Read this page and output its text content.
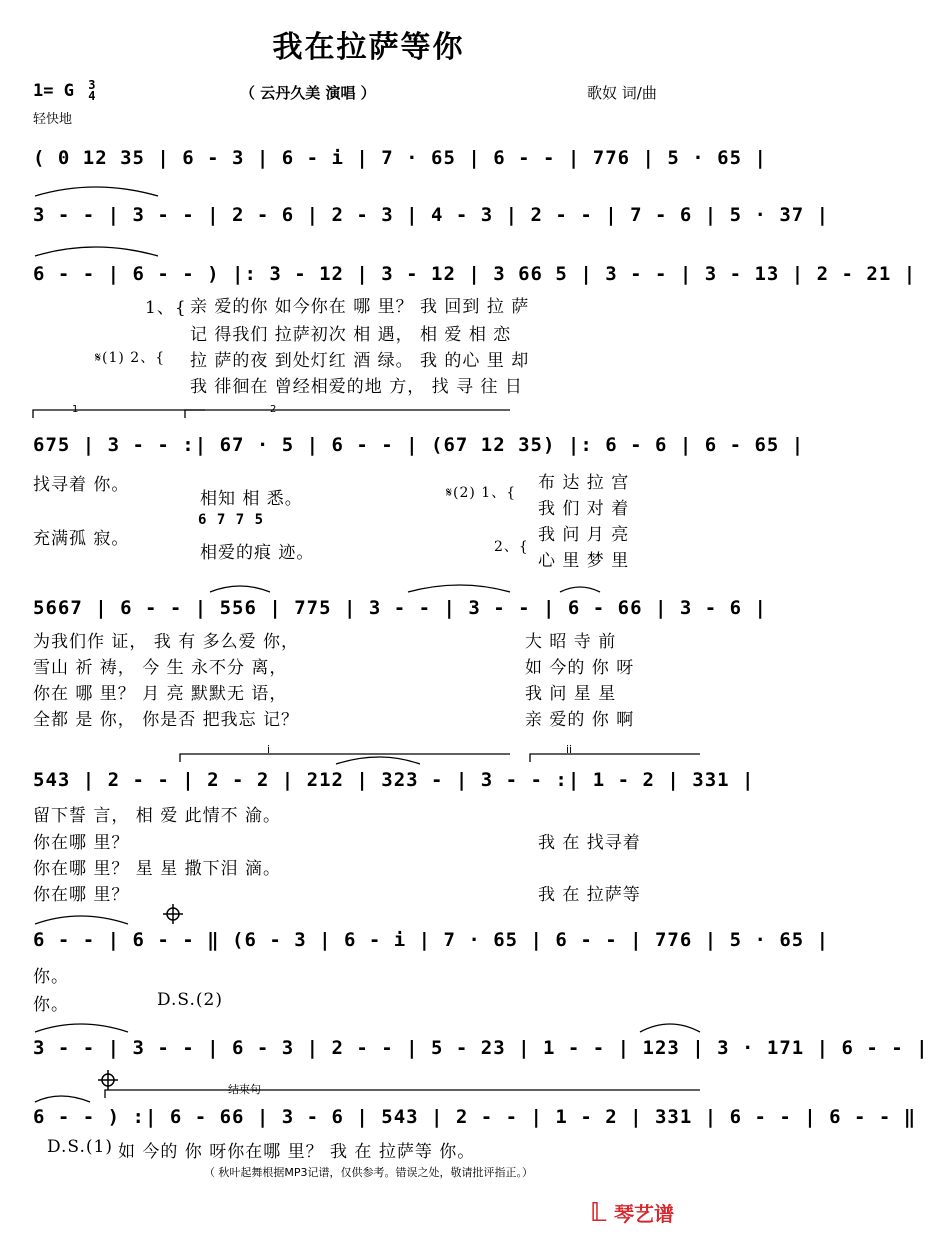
我在拉萨等你
1= G 3
4	（ 云丹久美 演唱 ）	歌奴 词/曲
轻快地
( 0 12 35 | 6 - 3 | 6 - i | 7 · 65 | 6 - - | 776 | 5 · 65 |
3 - - | 3 - - | 2 - 6 | 2 - 3 | 4 - 3 | 2 - - | 7 - 6 | 5 · 37 |
6 - - | 6 - - ) |: 3 - 12 | 3 - 12 | 3 66 5 | 3 - - | 3 - 13 | 2 - 21 |
675 | 3 - - :| 67 · 5 | 6 - - | (67 12 35) |: 6 - 6 | 6 - 65 |
5667 | 6 - - | 556 | 775 | 3 - - | 3 - - | 6 - 66 | 3 - 6 |
543 | 2 - - | 2 - 2 | 212 | 323 - | 3 - - :| 1 - 2 | 331 |
6 - - | 6 - - ‖ (6 - 3 | 6 - i | 7 · 65 | 6 - - | 776 | 5 · 65 |
3 - - | 3 - - | 6 - 3 | 2 - - | 5 - 23 | 1 - - | 123 | 3 · 171 | 6 - - |
6 - - ) :| 6 - 66 | 3 - 6 | 543 | 2 - - | 1 - 2 | 331 | 6 - - | 6 - - ‖
1、{
𝄋(1) 2、{
亲 爱的你 如今你在 哪 里？ 我 回到 拉 萨
记 得我们 拉萨初次 相 遇， 相 爱 相 恋
拉 萨的夜 到处灯红 酒 绿。 我 的心 里 却
我 徘徊在 曾经相爱的地 方， 找 寻 往 日
1	2
找寻着 你。
相知 相 悉。
充满孤 寂。
6 7 7 5
相爱的痕 迹。
𝄋(2) 1、{
2、{
布 达 拉 宫
我 们 对 着
我 问 月 亮
心 里 梦 里
为我们作 证， 我 有 多么爱 你，
雪山 祈 祷， 今 生 永不分 离，
你在 哪 里？ 月 亮 默默无 语，
全都 是 你， 你是否 把我忘 记？
大 昭 寺 前
如 今的 你 呀
我 问 星 星
亲 爱的 你 啊
i	ii
留下誓 言， 相 爱 此情不 渝。
你在哪 里？
你在哪 里？ 星 星 撒下泪 滴。
你在哪 里？
我 在 找寻着
我 在 拉萨等
你。
你。	D.S.(2)
结束句
D.S.(1) 如 今的 你 呀你在哪 里？ 我 在 拉萨等 你。
（ 秋叶起舞根据MP3记谱，仅供参考。错误之处，敬请批评指正。）
𝕃 琴艺谱
